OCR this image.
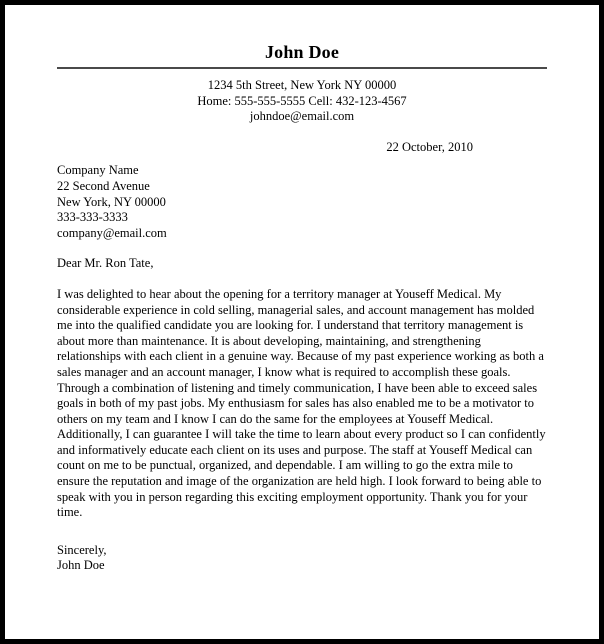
John Doe
1234 5th Street, New York NY 00000
Home: 555-555-5555 Cell: 432-123-4567
johndoe@email.com
22 October, 2010
Company Name
22 Second Avenue
New York, NY 00000
333-333-3333
company@email.com

Dear Mr. Ron Tate,

I was delighted to hear about the opening for a territory manager at Youseff Medical. My considerable experience in cold selling, managerial sales, and account management has molded me into the qualified candidate you are looking for. I understand that territory management is about more than maintenance. It is about developing, maintaining, and strengthening relationships with each client in a genuine way. Because of my past experience working as both a sales manager and an account manager, I know what is required to accomplish these goals. Through a combination of listening and timely communication, I have been able to exceed sales goals in both of my past jobs. My enthusiasm for sales has also enabled me to be a motivator to others on my team and I know I can do the same for the employees at Youseff Medical. Additionally, I can guarantee I will take the time to learn about every product so I can confidently and informatively educate each client on its uses and purpose. The staff at Youseff Medical can count on me to be punctual, organized, and dependable. I am willing to go the extra mile to ensure the reputation and image of the organization are held high. I look forward to being able to speak with you in person regarding this exciting employment opportunity. Thank you for your time.

Sincerely,
John Doe
